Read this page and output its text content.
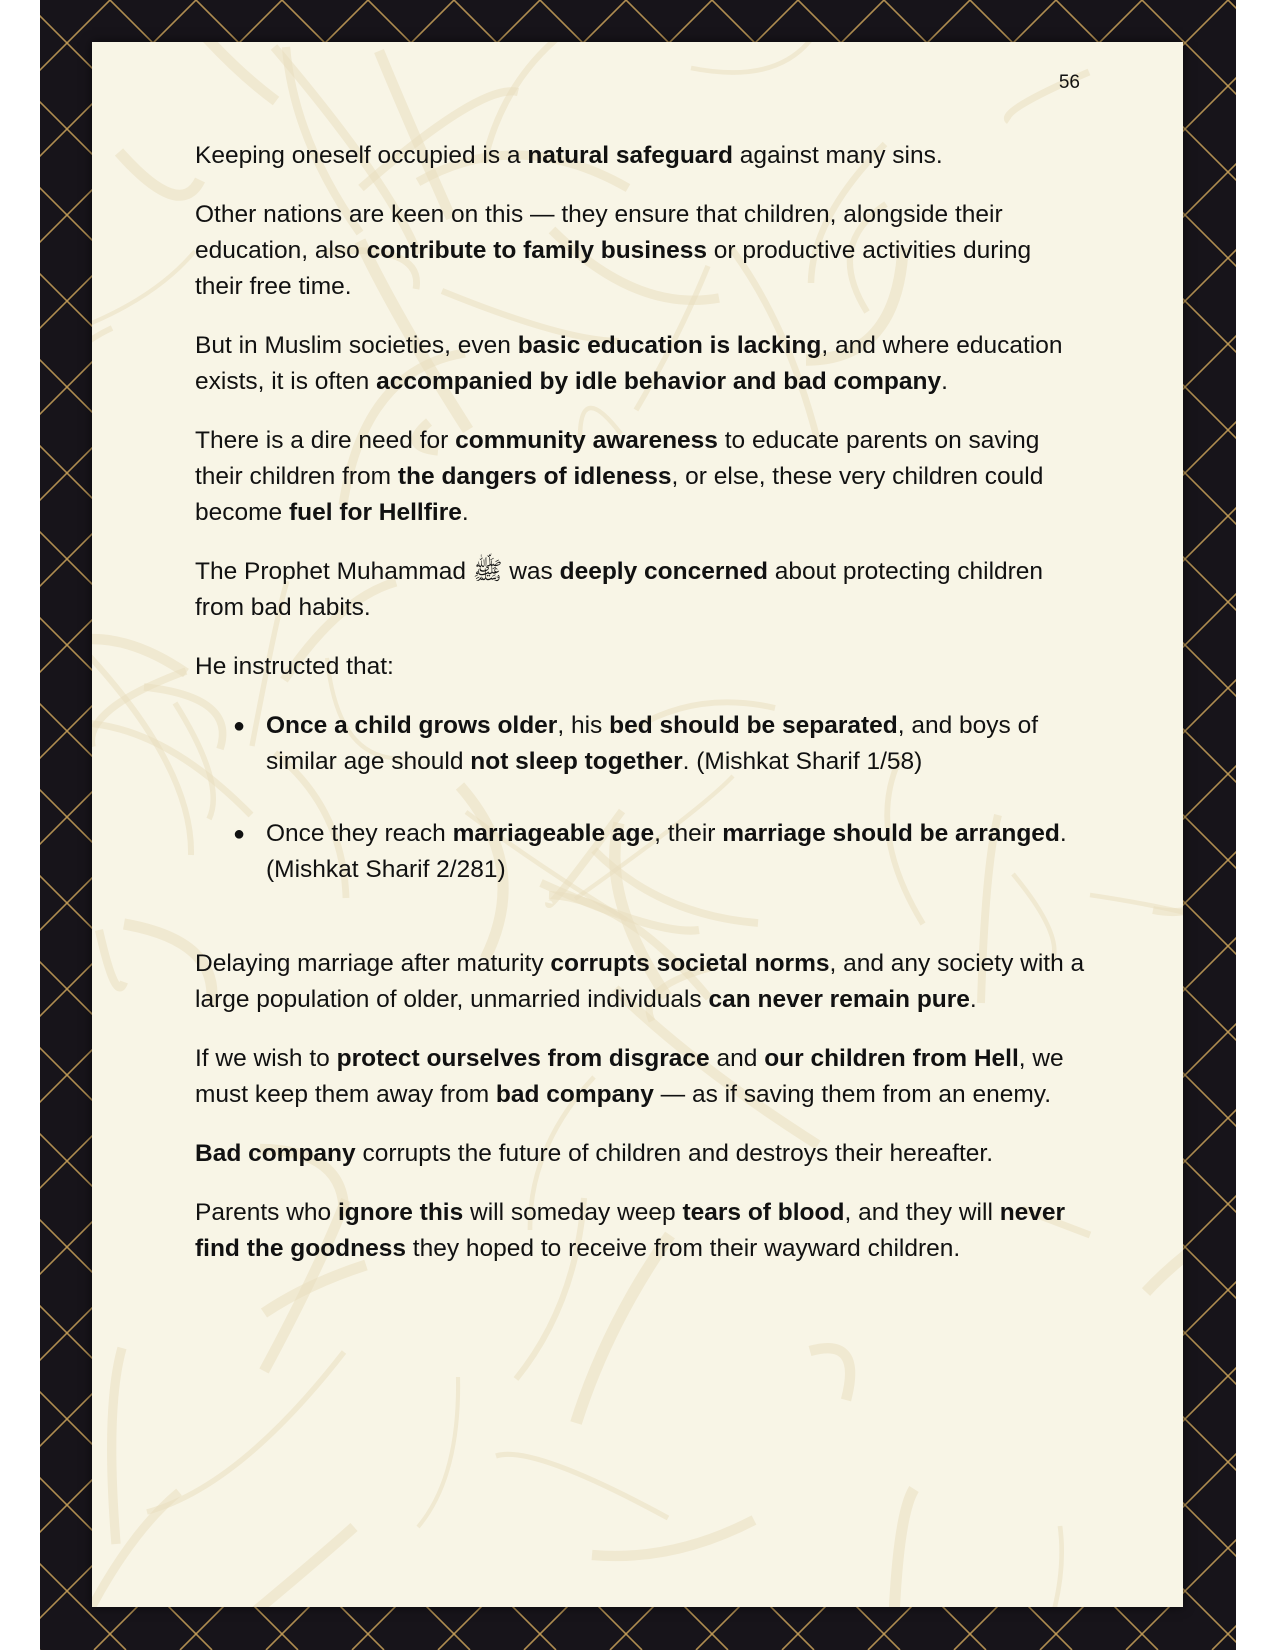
56

Keeping oneself occupied is a natural safeguard against many sins.

Other nations are keen on this — they ensure that children, alongside their education, also contribute to family business or productive activities during their free time.

But in Muslim societies, even basic education is lacking, and where education exists, it is often accompanied by idle behavior and bad company.

There is a dire need for community awareness to educate parents on saving their children from the dangers of idleness, or else, these very children could become fuel for Hellfire.

The Prophet Muhammad ﷺ was deeply concerned about protecting children from bad habits.

He instructed that:

● Once a child grows older, his bed should be separated, and boys of similar age should not sleep together. (Mishkat Sharif 1/58)
● Once they reach marriageable age, their marriage should be arranged. (Mishkat Sharif 2/281)

Delaying marriage after maturity corrupts societal norms, and any society with a large population of older, unmarried individuals can never remain pure.

If we wish to protect ourselves from disgrace and our children from Hell, we must keep them away from bad company — as if saving them from an enemy.

Bad company corrupts the future of children and destroys their hereafter.

Parents who ignore this will someday weep tears of blood, and they will never find the goodness they hoped to receive from their wayward children.
